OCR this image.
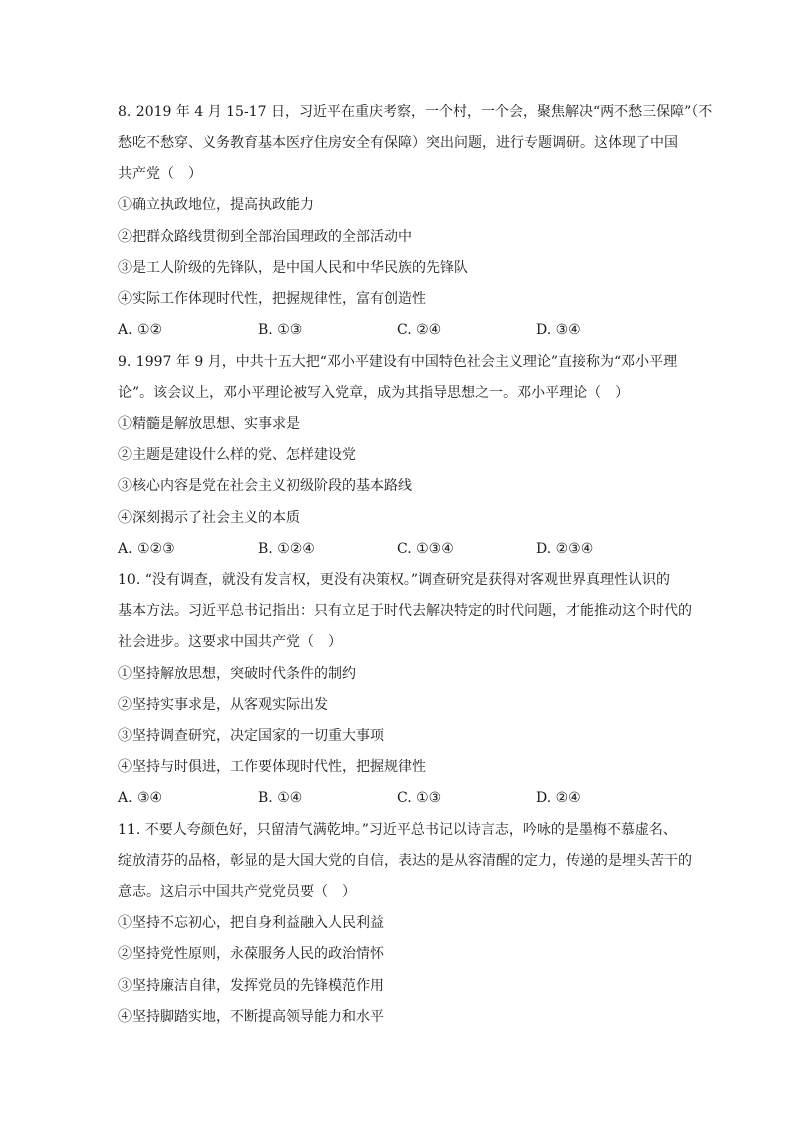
8. 2019 年 4 月 15-17 日，习近平在重庆考察，一个村，一个会，聚焦解决“两不愁三保障”（不
愁吃不愁穿、义务教育基本医疗住房安全有保障）突出问题，进行专题调研。这体现了中国
共产党（　）
①确立执政地位，提高执政能力
②把群众路线贯彻到全部治国理政的全部活动中
③是工人阶级的先锋队，是中国人民和中华民族的先锋队
④实际工作体现时代性，把握规律性，富有创造性
A. ①②	B. ①③	C. ②④	D. ③④
9. 1997 年 9 月，中共十五大把“邓小平建设有中国特色社会主义理论”直接称为“邓小平理
论”。该会议上，邓小平理论被写入党章，成为其指导思想之一。邓小平理论（　）
①精髓是解放思想、实事求是
②主题是建设什么样的党、怎样建设党
③核心内容是党在社会主义初级阶段的基本路线
④深刻揭示了社会主义的本质
A. ①②③	B. ①②④	C. ①③④	D. ②③④
10. “没有调查，就没有发言权，更没有决策权。”调查研究是获得对客观世界真理性认识的
基本方法。习近平总书记指出：只有立足于时代去解决特定的时代问题，才能推动这个时代的
社会进步。这要求中国共产党（　）
①坚持解放思想，突破时代条件的制约
②坚持实事求是，从客观实际出发
③坚持调查研究，决定国家的一切重大事项
④坚持与时俱进，工作要体现时代性，把握规律性
A. ③④	B. ①④	C. ①③	D. ②④
11. 不要人夸颜色好，只留清气满乾坤。”习近平总书记以诗言志，吟咏的是墨梅不慕虚名、
绽放清芬的品格，彰显的是大国大党的自信，表达的是从容清醒的定力，传递的是埋头苦干的
意志。这启示中国共产党党员要（　）
①坚持不忘初心，把自身利益融入人民利益
②坚持党性原则，永葆服务人民的政治情怀
③坚持廉洁自律，发挥党员的先锋模范作用
④坚持脚踏实地，不断提高领导能力和水平
